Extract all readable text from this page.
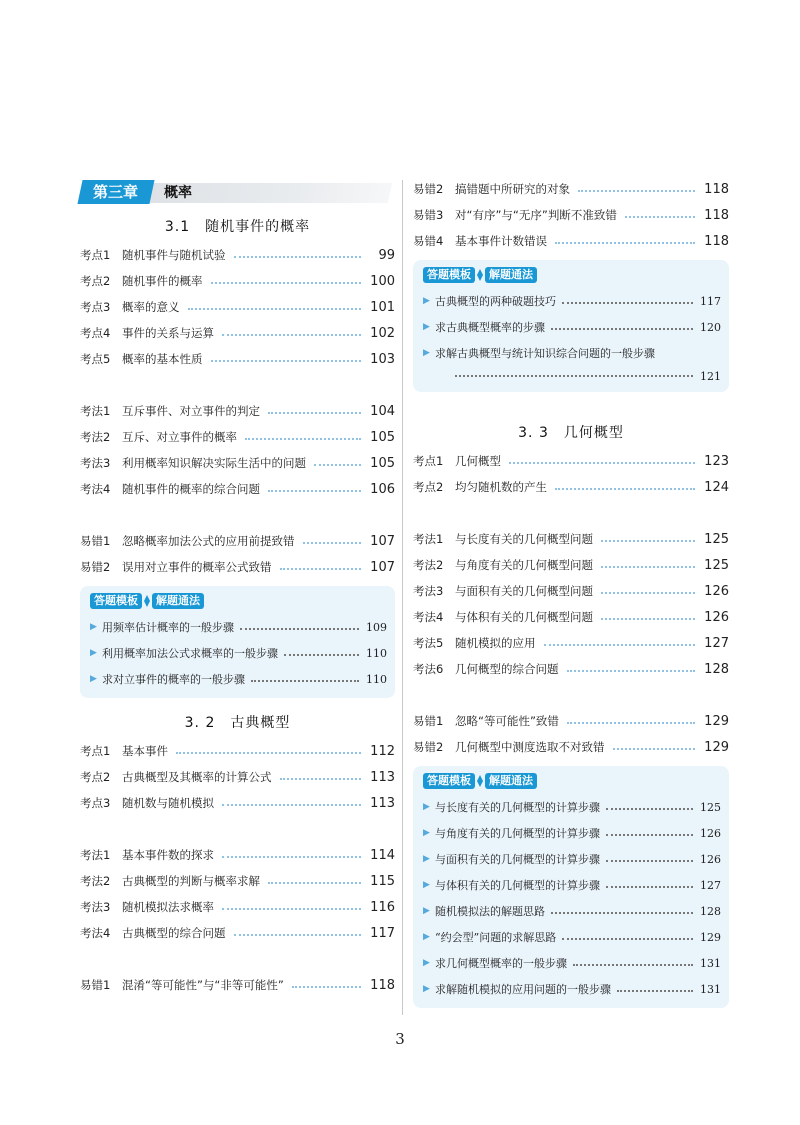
第三章	概率
3.1　随机事件的概率
考点1	随机事件与随机试验	99
考点2	随机事件的概率	100
考点3	概率的意义	101
考点4	事件的关系与运算	102
考点5	概率的基本性质	103
考法1	互斥事件、对立事件的判定	104
考法2	互斥、对立事件的概率	105
考法3	利用概率知识解决实际生活中的问题	105
考法4	随机事件的概率的综合问题	106
易错1	忽略概率加法公式的应用前提致错	107
易错2	误用对立事件的概率公式致错	107
答题模板	解题通法
▶ 用频率估计概率的一般步骤	109
▶ 利用概率加法公式求概率的一般步骤	110
▶ 求对立事件的概率的一般步骤	110
3. 2　古典概型
考点1	基本事件	112
考点2	古典概型及其概率的计算公式	113
考点3	随机数与随机模拟	113
考法1	基本事件数的探求	114
考法2	古典概型的判断与概率求解	115
考法3	随机模拟法求概率	116
考法4	古典概型的综合问题	117
易错1	混淆“等可能性”与“非等可能性”	118
易错2	搞错题中所研究的对象	118
易错3	对“有序”与“无序”判断不准致错	118
易错4	基本事件计数错误	118
答题模板	解题通法
▶ 古典概型的两种破题技巧	117
▶ 求古典概型概率的步骤	120
▶ 求解古典概型与统计知识综合问题的一般步骤
121
3. 3　几何概型
考点1	几何概型	123
考点2	均匀随机数的产生	124
考法1	与长度有关的几何概型问题	125
考法2	与角度有关的几何概型问题	125
考法3	与面积有关的几何概型问题	126
考法4	与体积有关的几何概型问题	126
考法5	随机模拟的应用	127
考法6	几何概型的综合问题	128
易错1	忽略“等可能性”致错	129
易错2	几何概型中测度选取不对致错	129
答题模板	解题通法
▶ 与长度有关的几何概型的计算步骤	125
▶ 与角度有关的几何概型的计算步骤	126
▶ 与面积有关的几何概型的计算步骤	126
▶ 与体积有关的几何概型的计算步骤	127
▶ 随机模拟法的解题思路	128
▶ “约会型”问题的求解思路	129
▶ 求几何概型概率的一般步骤	131
▶ 求解随机模拟的应用问题的一般步骤	131
3
